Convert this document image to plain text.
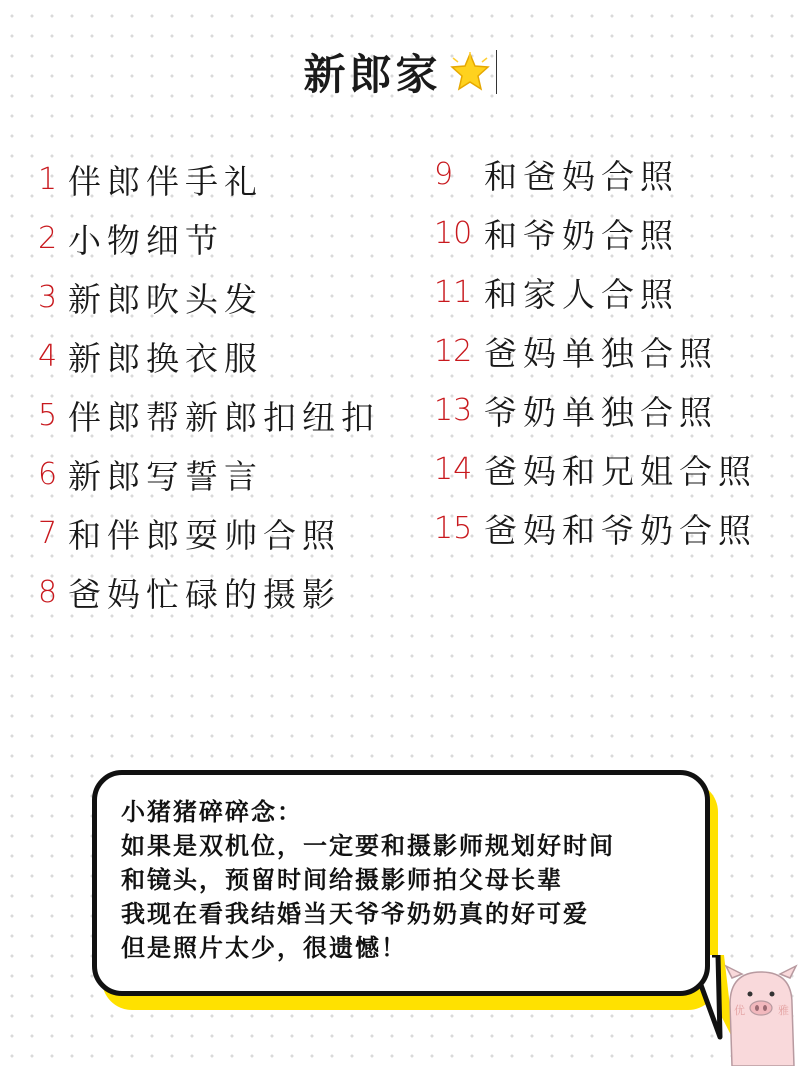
新郎家
1 伴郎伴手礼
2 小物细节
3 新郎吹头发
4 新郎换衣服
5 伴郎帮新郎扣纽扣
6 新郎写誓言
7 和伴郎耍帅合照
8 爸妈忙碌的摄影
9 和爸妈合照
10 和爷奶合照
11 和家人合照
12 爸妈单独合照
13 爷奶单独合照
14 爸妈和兄姐合照
15 爸妈和爷奶合照
小猪猪碎碎念：
如果是双机位，一定要和摄影师规划好时间
和镜头，预留时间给摄影师拍父母长辈
我现在看我结婚当天爷爷奶奶真的好可爱
但是照片太少，很遗憾！
优	雅
